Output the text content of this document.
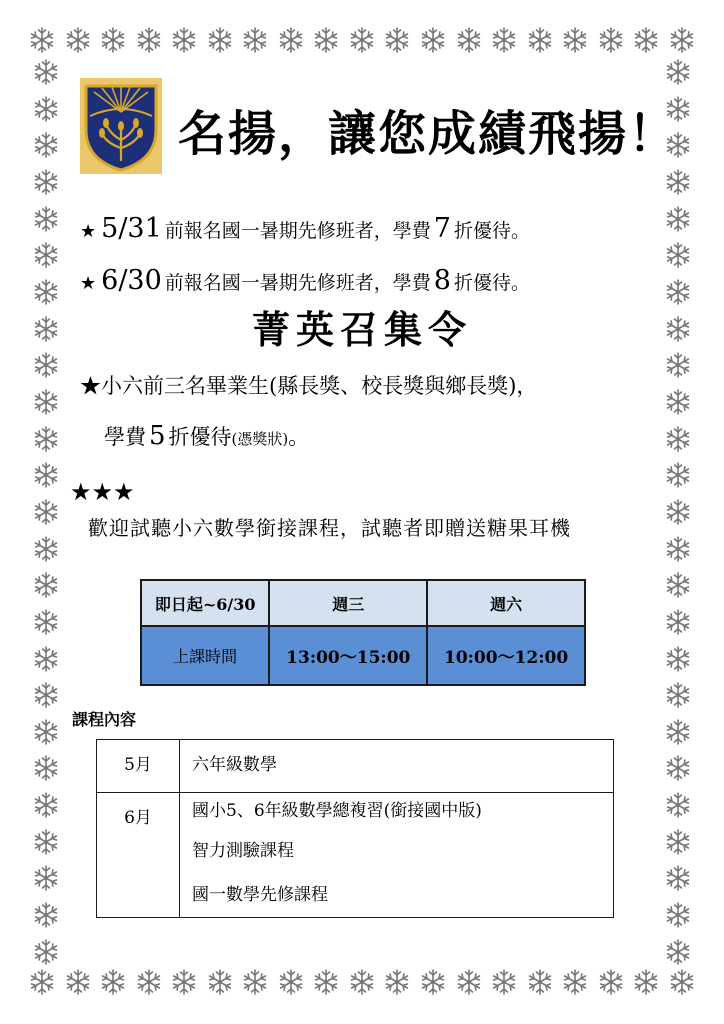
名揚，讓您成績飛揚！
★ 5/31 前報名國一暑期先修班者，學費 7 折優待。
★ 6/30 前報名國一暑期先修班者，學費 8 折優待。
菁英召集令
★小六前三名畢業生(縣長獎、校長獎與鄉長獎)，
學費 5 折優待(憑獎狀)。
★★★
歡迎試聽小六數學銜接課程，試聽者即贈送糖果耳機
即日起~6/30	週三	週六
上課時間	13:00～15:00	10:00～12:00
課程內容
5月	六年級數學
6月	國小5、6年級數學總複習(銜接國中版)
智力測驗課程
國一數學先修課程
